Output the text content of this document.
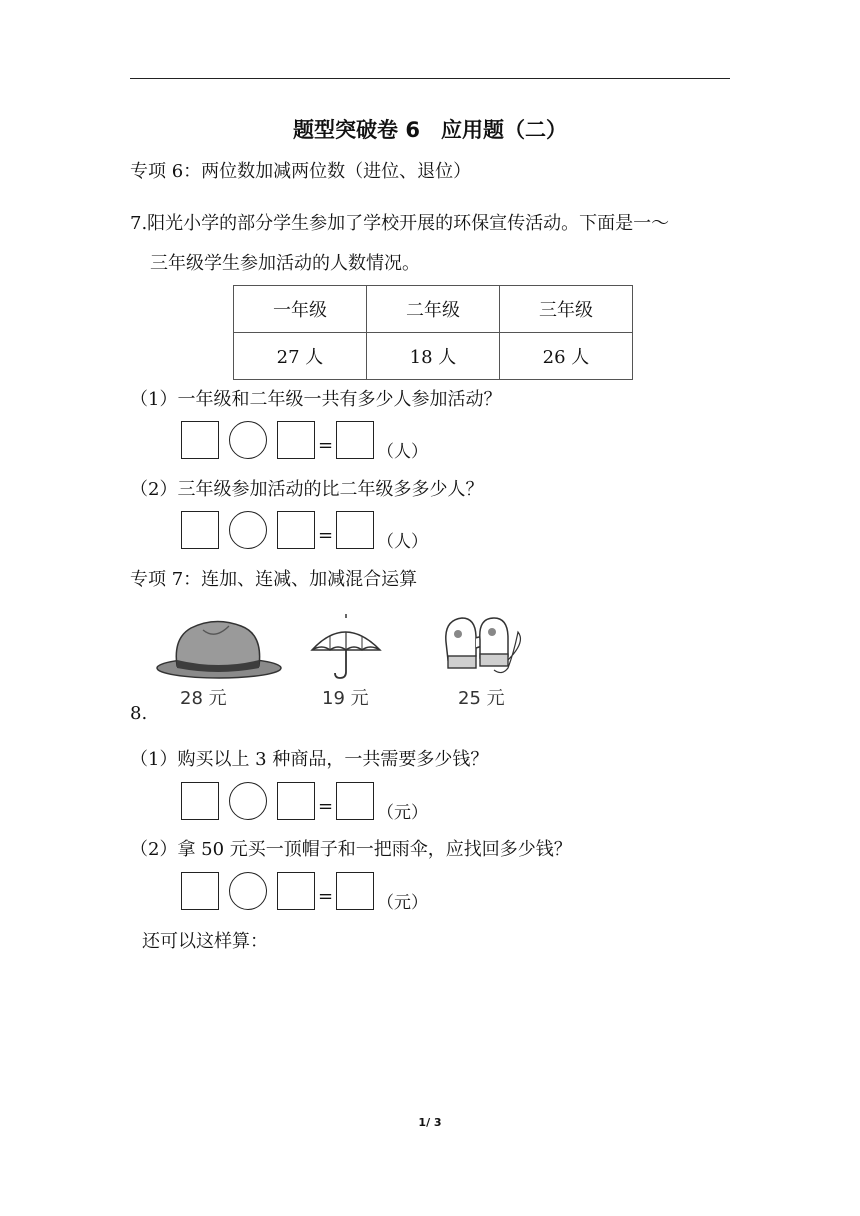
题型突破卷 6　应用题（二）
专项 6：两位数加减两位数（进位、退位）
7.阳光小学的部分学生参加了学校开展的环保宣传活动。下面是一～
三年级学生参加活动的人数情况。
一年级	二年级	三年级
27 人	18 人	26 人
（1）一年级和二年级一共有多少人参加活动？
=	（人）
（2）三年级参加活动的比二年级多多少人？
=	（人）
专项 7：连加、连减、加减混合运算
28 元	19 元	25 元
8.
（1）购买以上 3 种商品，一共需要多少钱？
=	（元）
（2）拿 50 元买一顶帽子和一把雨伞，应找回多少钱？
=	（元）
还可以这样算：
1/ 3
